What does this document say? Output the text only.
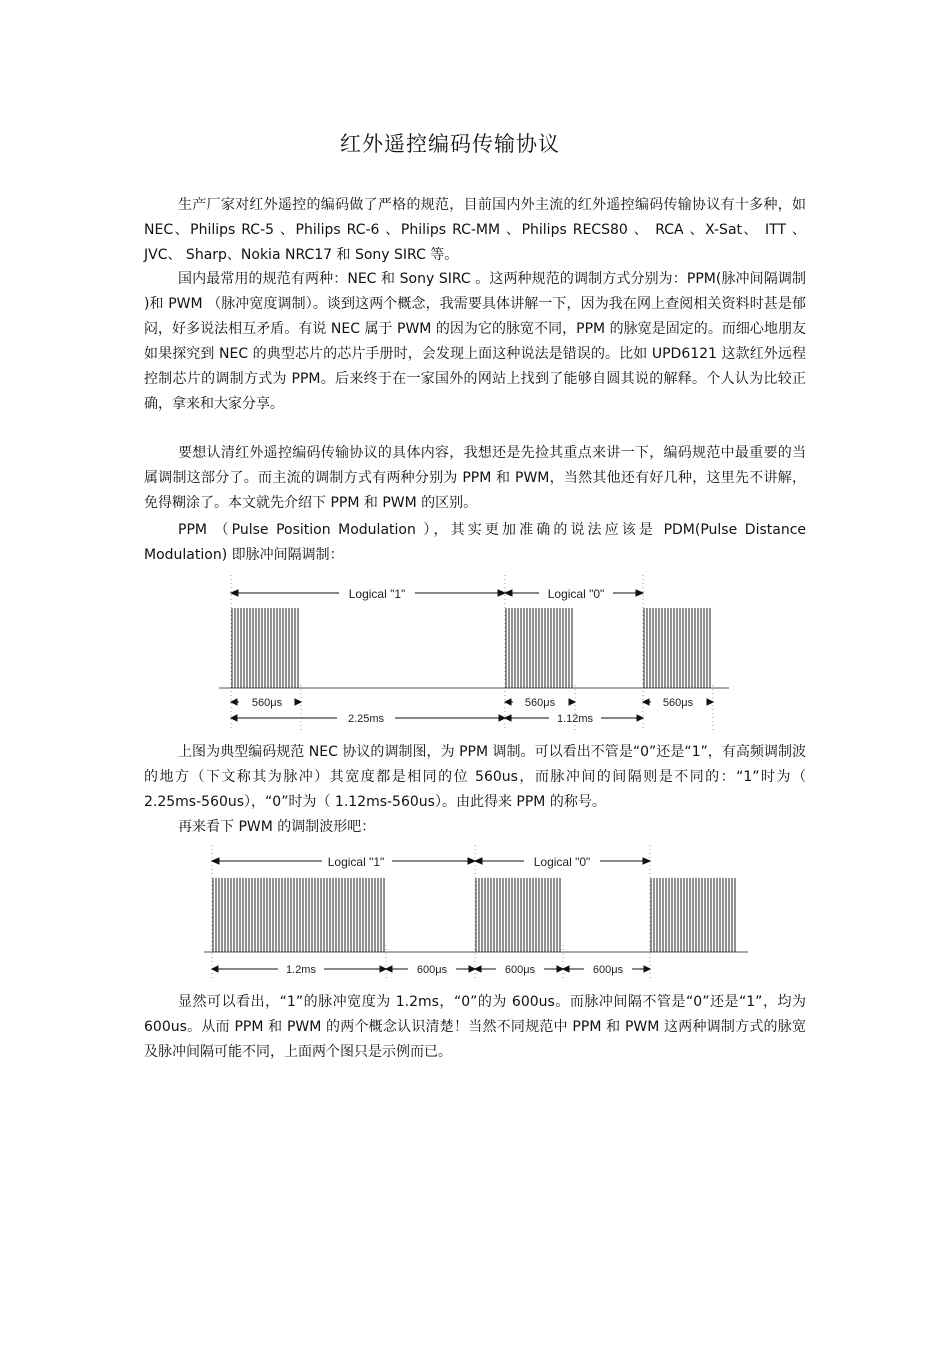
红外遥控编码传输协议
生产厂家对红外遥控的编码做了严格的规范，目前国内外主流的红外遥控编码传输协议有十多种，如 NEC、Philips RC-5 、Philips RC-6 、Philips RC-MM 、Philips RECS80 、 RCA 、X-Sat、 ITT 、JVC、 Sharp、Nokia NRC17 和 Sony SIRC 等。
国内最常用的规范有两种：NEC 和 Sony SIRC 。这两种规范的调制方式分别为：PPM(脉冲间隔调制 )和 PWM （脉冲宽度调制）。谈到这两个概念，我需要具体讲解一下，因为我在网上查阅相关资料时甚是郁闷，好多说法相互矛盾。有说 NEC 属于 PWM 的因为它的脉宽不同，PPM 的脉宽是固定的。而细心地朋友如果探究到 NEC 的典型芯片的芯片手册时，会发现上面这种说法是错误的。比如 UPD6121 这款红外远程控制芯片的调制方式为 PPM。后来终于在一家国外的网站上找到了能够自圆其说的解释。个人认为比较正确，拿来和大家分享。
要想认清红外遥控编码传输协议的具体内容，我想还是先捡其重点来讲一下，编码规范中最重要的当属调制这部分了。而主流的调制方式有两种分别为 PPM 和 PWM，当然其他还有好几种，这里先不讲解，免得糊涂了。本文就先介绍下 PPM 和 PWM 的区别。
PPM （Pulse Position Modulation ），其实更加准确的说法应该是 PDM(Pulse Distance Modulation) 即脉冲间隔调制：
Logical "1"	Logical "0"
560μs
2.25ms
560μs
1.12ms
560μs
上图为典型编码规范 NEC 协议的调制图，为 PPM 调制。可以看出不管是“0”还是“1”，有高频调制波的地方（下文称其为脉冲）其宽度都是相同的位 560us，而脉冲间的间隔则是不同的：“1”时为（ 2.25ms-560us），“0”时为（ 1.12ms-560us）。由此得来 PPM 的称号。
再来看下 PWM 的调制波形吧：
Logical "1"	Logical "0"
1.2ms	600μs	600μs	600μs
显然可以看出，“1”的脉冲宽度为 1.2ms，“0”的为 600us。而脉冲间隔不管是“0”还是“1”，均为 600us。从而 PPM 和 PWM 的两个概念认识清楚！当然不同规范中 PPM 和 PWM 这两种调制方式的脉宽及脉冲间隔可能不同，上面两个图只是示例而已。
